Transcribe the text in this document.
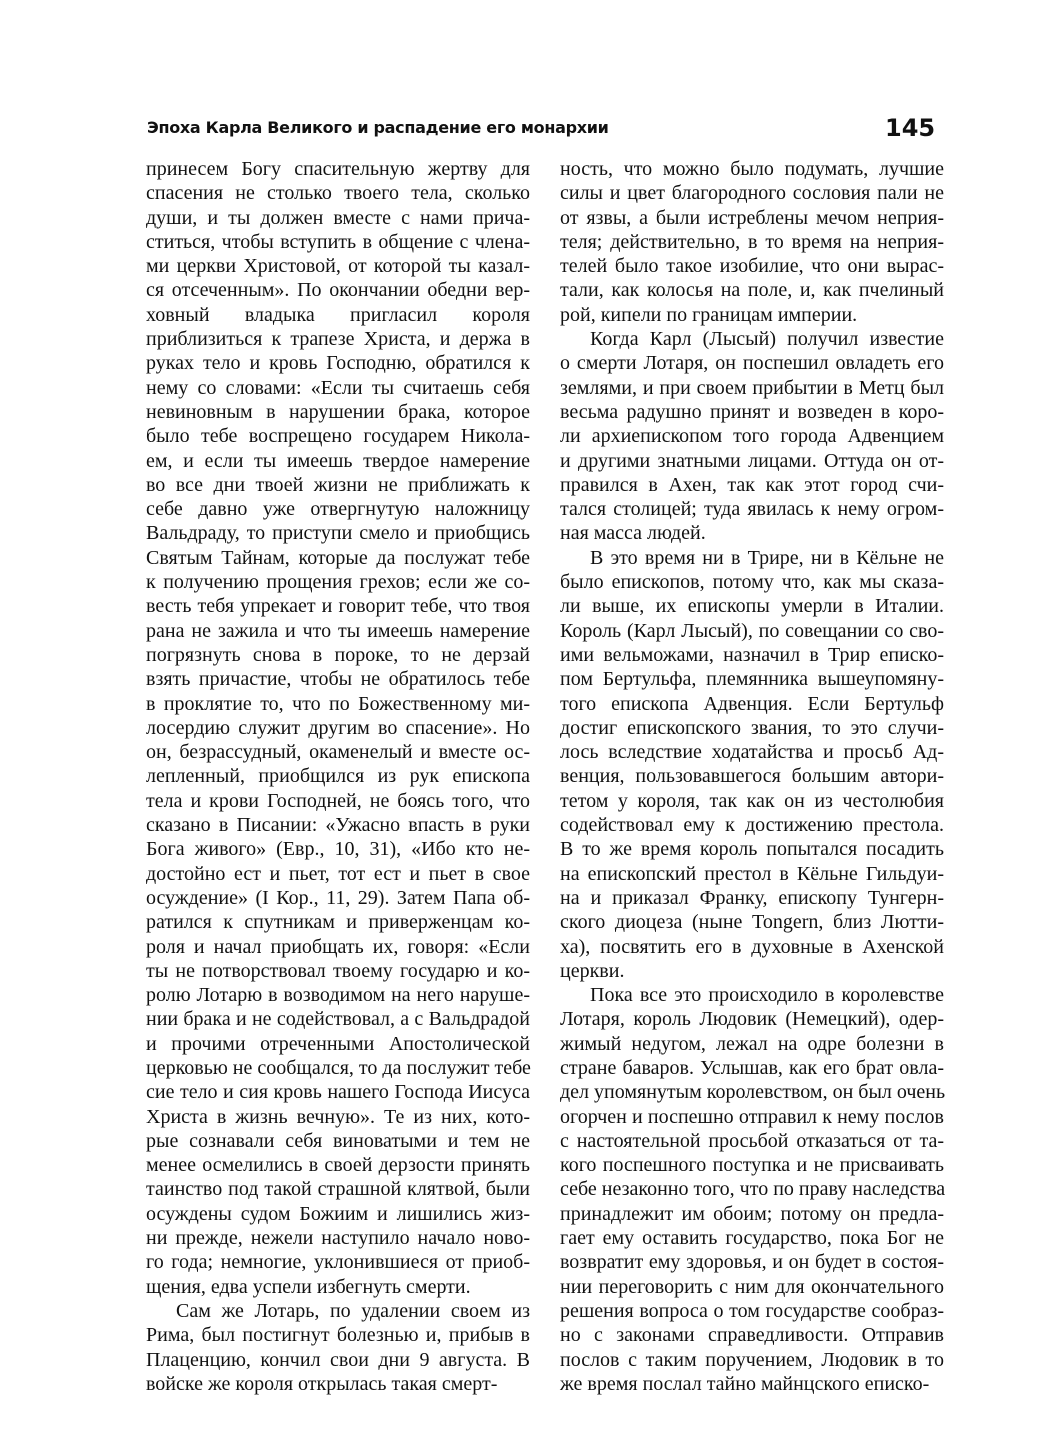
Эпоха Карла Великого и распадение его монархии	145
принесем Богу спасительную жертву для
спасения не столько твоего тела, сколько
души, и ты должен вместе с нами прича-
ститься, чтобы вступить в общение с члена-
ми церкви Христовой, от которой ты казал-
ся отсеченным». По окончании обедни вер-
ховный владыка пригласил короля
приблизиться к трапезе Христа, и держа в
руках тело и кровь Господню, обратился к
нему со словами: «Если ты считаешь себя
невиновным в нарушении брака, которое
было тебе воспрещено государем Никола-
ем, и если ты имеешь твердое намерение
во все дни твоей жизни не приближать к
себе давно уже отвергнутую наложницу
Вальдраду, то приступи смело и приобщись
Святым Тайнам, которые да послужат тебе
к получению прощения грехов; если же со-
весть тебя упрекает и говорит тебе, что твоя
рана не зажила и что ты имеешь намерение
погрязнуть снова в пороке, то не дерзай
взять причастие, чтобы не обратилось тебе
в проклятие то, что по Божественному ми-
лосердию служит другим во спасение». Но
он, безрассудный, окаменелый и вместе ос-
лепленный, приобщился из рук епископа
тела и крови Господней, не боясь того, что
сказано в Писании: «Ужасно впасть в руки
Бога живого» (Евр., 10, 31), «Ибо кто не-
достойно ест и пьет, тот ест и пьет в свое
осуждение» (I Кор., 11, 29). Затем Папа об-
ратился к спутникам и приверженцам ко-
роля и начал приобщать их, говоря: «Если
ты не потворствовал твоему государю и ко-
ролю Лотарю в возводимом на него наруше-
нии брака и не содействовал, а с Вальдрадой
и прочими отреченными Апостолической
церковью не сообщался, то да послужит тебе
сие тело и сия кровь нашего Господа Иисуса
Христа в жизнь вечную». Те из них, кото-
рые сознавали себя виноватыми и тем не
менее осмелились в своей дерзости принять
таинство под такой страшной клятвой, были
осуждены судом Божиим и лишились жиз-
ни прежде, нежели наступило начало ново-
го года; немногие, уклонившиеся от приоб-
щения, едва успели избегнуть смерти.
Сам же Лотарь, по удалении своем из
Рима, был постигнут болезнью и, прибыв в
Плаценцию, кончил свои дни 9 августа. В
войске же короля открылась такая смерт-
ность, что можно было подумать, лучшие
силы и цвет благородного сословия пали не
от язвы, а были истреблены мечом неприя-
теля; действительно, в то время на неприя-
телей было такое изобилие, что они вырас-
тали, как колосья на поле, и, как пчелиный
рой, кипели по границам империи.
Когда Карл (Лысый) получил известие
о смерти Лотаря, он поспешил овладеть его
землями, и при своем прибытии в Метц был
весьма радушно принят и возведен в коро-
ли архиепископом того города Адвенцием
и другими знатными лицами. Оттуда он от-
правился в Ахен, так как этот город счи-
тался столицей; туда явилась к нему огром-
ная масса людей.
В это время ни в Трире, ни в Кёльне не
было епископов, потому что, как мы сказа-
ли выше, их епископы умерли в Италии.
Король (Карл Лысый), по совещании со сво-
ими вельможами, назначил в Трир еписко-
пом Бертульфа, племянника вышеупомяну-
того епископа Адвенция. Если Бертульф
достиг епископского звания, то это случи-
лось вследствие ходатайства и просьб Ад-
венция, пользовавшегося большим автори-
тетом у короля, так как он из честолюбия
содействовал ему к достижению престола.
В то же время король попытался посадить
на епископский престол в Кёльне Гильдуи-
на и приказал Франку, епископу Тунгерн-
ского диоцеза (ныне Tongern, близ Лютти-
ха), посвятить его в духовные в Ахенской
церкви.
Пока все это происходило в королевстве
Лотаря, король Людовик (Немецкий), одер-
жимый недугом, лежал на одре болезни в
стране баваров. Услышав, как его брат овла-
дел упомянутым королевством, он был очень
огорчен и поспешно отправил к нему послов
с настоятельной просьбой отказаться от та-
кого поспешного поступка и не присваивать
себе незаконно того, что по праву наследства
принадлежит им обоим; потому он предла-
гает ему оставить государство, пока Бог не
возвратит ему здоровья, и он будет в состоя-
нии переговорить с ним для окончательного
решения вопроса о том государстве сообраз-
но с законами справедливости. Отправив
послов с таким поручением, Людовик в то
же время послал тайно майнцского еписко-
